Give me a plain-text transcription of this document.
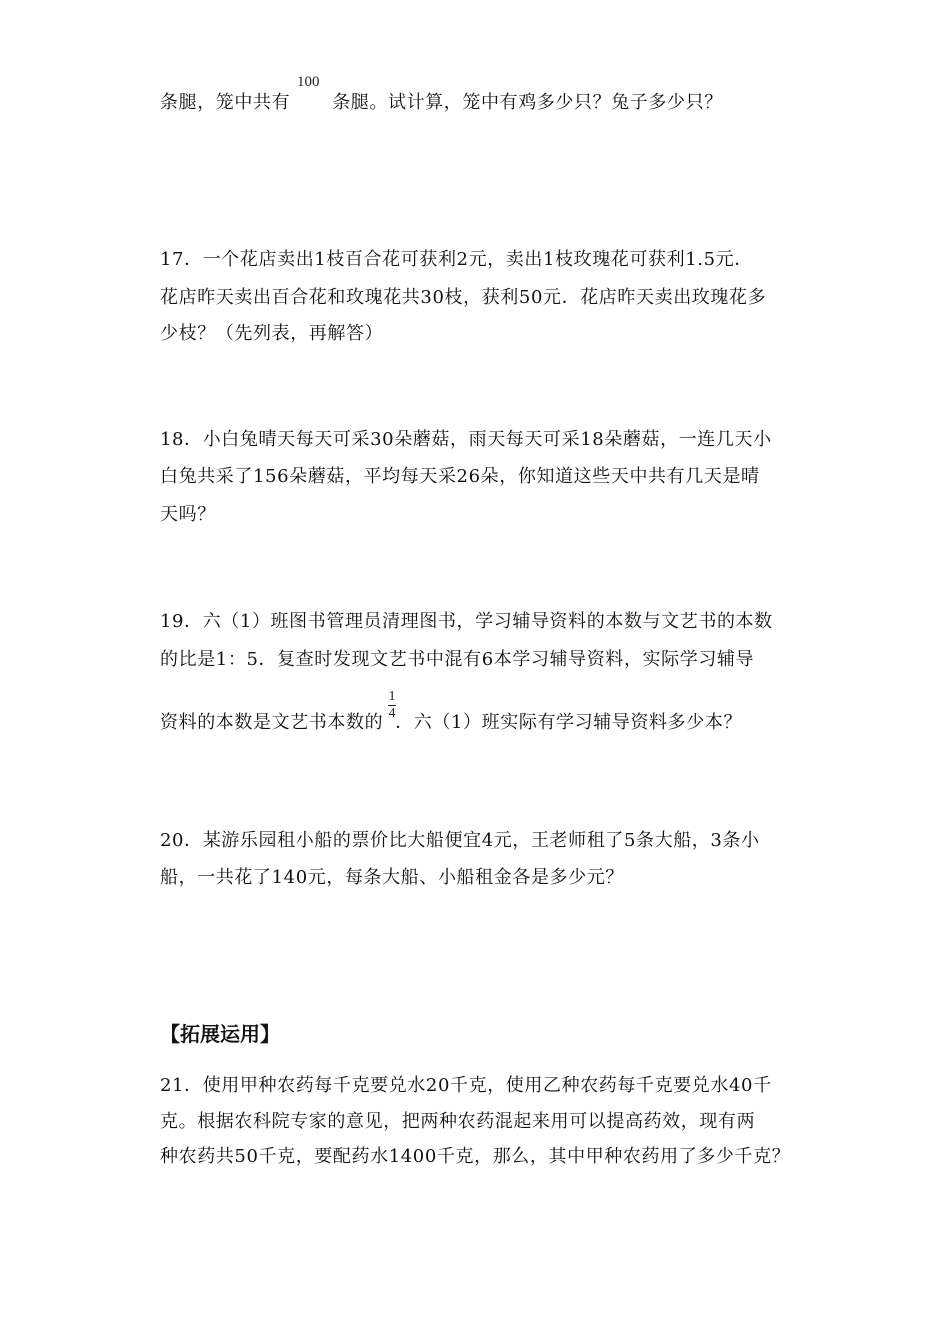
条腿，笼中共有 条腿。试计算，笼中有鸡多少只？兔子多少只？
100
17．一个花店卖出1枝百合花可获利2元，卖出1枝玫瑰花可获利1.5元．
花店昨天卖出百合花和玫瑰花共30枝，获利50元．花店昨天卖出玫瑰花多
少枝？（先列表，再解答）
18．小白兔晴天每天可采30朵蘑菇，雨天每天可采18朵蘑菇，一连几天小
白兔共采了156朵蘑菇，平均每天采26朵，你知道这些天中共有几天是晴
天吗？
19．六（1）班图书管理员清理图书，学习辅导资料的本数与文艺书的本数
的比是1：5．复查时发现文艺书中混有6本学习辅导资料，实际学习辅导
资料的本数是文艺书本数的 ．六（1）班实际有学习辅导资料多少本？
1
4
20．某游乐园租小船的票价比大船便宜4元，王老师租了5条大船，3条小
船，一共花了140元，每条大船、小船租金各是多少元？
【拓展运用】
21．使用甲种农药每千克要兑水20千克，使用乙种农药每千克要兑水40千
克。根据农科院专家的意见，把两种农药混起来用可以提高药效，现有两
种农药共50千克，要配药水1400千克，那么，其中甲种农药用了多少千克？
